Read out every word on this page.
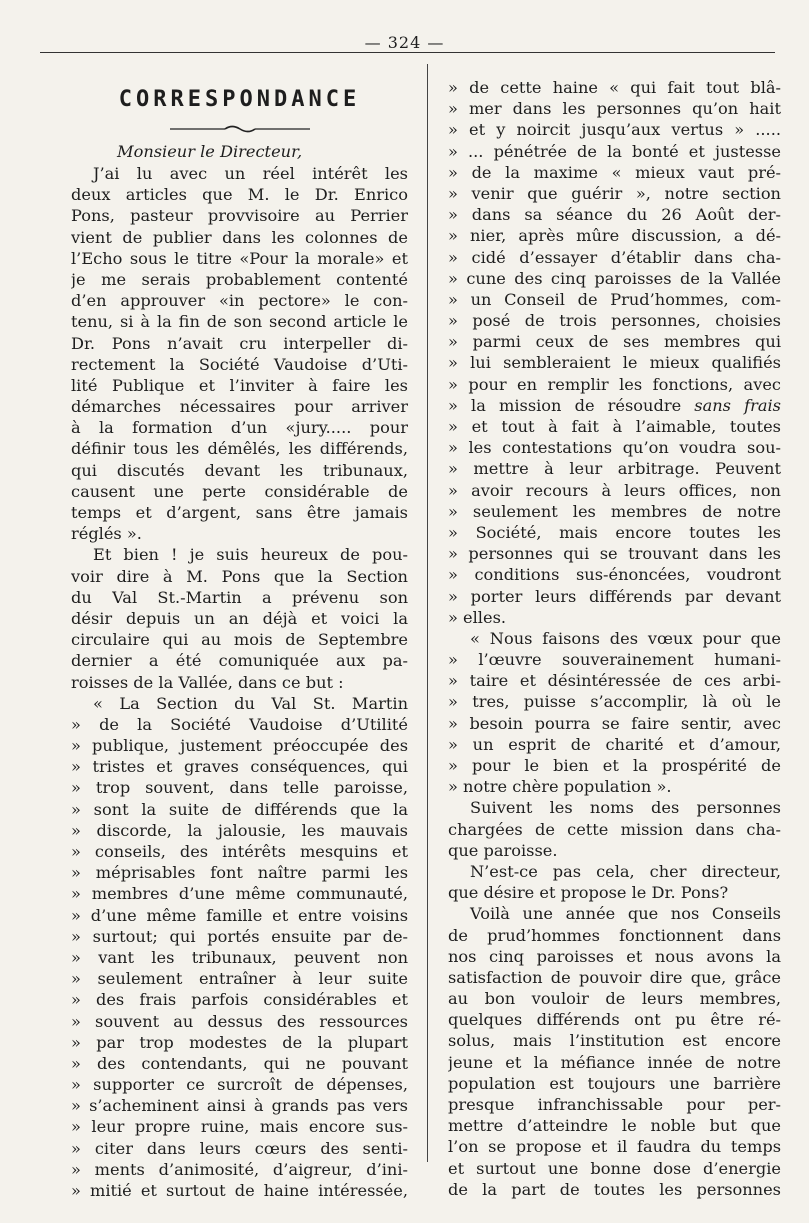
— 324 —
CORRESPONDANCE
Monsieur le Directeur,
J’ai lu avec un réel intérêt les
deux articles que M. le Dr. Enrico
Pons, pasteur provvisoire au Perrier
vient de publier dans les colonnes de
l’Echo sous le titre «Pour la morale» et
je me serais probablement contenté
d’en approuver «in pectore» le con-
tenu, si à la fin de son second article le
Dr. Pons n’avait cru interpeller di-
rectement la Société Vaudoise d’Uti-
lité Publique et l’inviter à faire les
démarches nécessaires pour arriver
à la formation d’un «jury..... pour
définir tous les démêlés, les différends,
qui discutés devant les tribunaux,
causent une perte considérable de
temps et d’argent, sans être jamais
réglés ».
Et bien ! je suis heureux de pou-
voir dire à M. Pons que la Section
du Val St.-Martin a prévenu son
désir depuis un an déjà et voici la
circulaire qui au mois de Septembre
dernier a été comuniquée aux pa-
roisses de la Vallée, dans ce but :
« La Section du Val St. Martin
» de la Société Vaudoise d’Utilité
» publique, justement préoccupée des
» tristes et graves conséquences, qui
» trop souvent, dans telle paroisse,
» sont la suite de différends que la
» discorde, la jalousie, les mauvais
» conseils, des intérêts mesquins et
» méprisables font naître parmi les
» membres d’une même communauté,
» d’une même famille et entre voisins
» surtout; qui portés ensuite par de-
» vant les tribunaux, peuvent non
» seulement entraîner à leur suite
» des frais parfois considérables et
» souvent au dessus des ressources
» par trop modestes de la plupart
» des contendants, qui ne pouvant
» supporter ce surcroît de dépenses,
» s’acheminent ainsi à grands pas vers
» leur propre ruine, mais encore sus-
» citer dans leurs cœurs des senti-
» ments d’animosité, d’aigreur, d’ini-
» mitié et surtout de haine intéressée,
» de cette haine « qui fait tout blâ-
» mer dans les personnes qu’on hait
» et y noircit jusqu’aux vertus » .....
» ... pénétrée de la bonté et justesse
» de la maxime « mieux vaut pré-
» venir que guérir », notre section
» dans sa séance du 26 Août der-
» nier, après mûre discussion, a dé-
» cidé d’essayer d’établir dans cha-
» cune des cinq paroisses de la Vallée
» un Conseil de Prud’hommes, com-
» posé de trois personnes, choisies
» parmi ceux de ses membres qui
» lui sembleraient le mieux qualifiés
» pour en remplir les fonctions, avec
» la mission de résoudre sans frais
» et tout à fait à l’aimable, toutes
» les contestations qu’on voudra sou-
» mettre à leur arbitrage. Peuvent
» avoir recours à leurs offices, non
» seulement les membres de notre
» Société, mais encore toutes les
» personnes qui se trouvant dans les
» conditions sus-énoncées, voudront
» porter leurs différends par devant
» elles.
« Nous faisons des vœux pour que
» l’œuvre souverainement humani-
» taire et désintéressée de ces arbi-
» tres, puisse s’accomplir, là où le
» besoin pourra se faire sentir, avec
» un esprit de charité et d’amour,
» pour le bien et la prospérité de
» notre chère population ».
Suivent les noms des personnes
chargées de cette mission dans cha-
que paroisse.
N’est-ce pas cela, cher directeur,
que désire et propose le Dr. Pons?
Voilà une année que nos Conseils
de prud’hommes fonctionnent dans
nos cinq paroisses et nous avons la
satisfaction de pouvoir dire que, grâce
au bon vouloir de leurs membres,
quelques différends ont pu être ré-
solus, mais l’institution est encore
jeune et la méfiance innée de notre
population est toujours une barrière
presque infranchissable pour per-
mettre d’atteindre le noble but que
l’on se propose et il faudra du temps
et surtout une bonne dose d’energie
de la part de toutes les personnes
